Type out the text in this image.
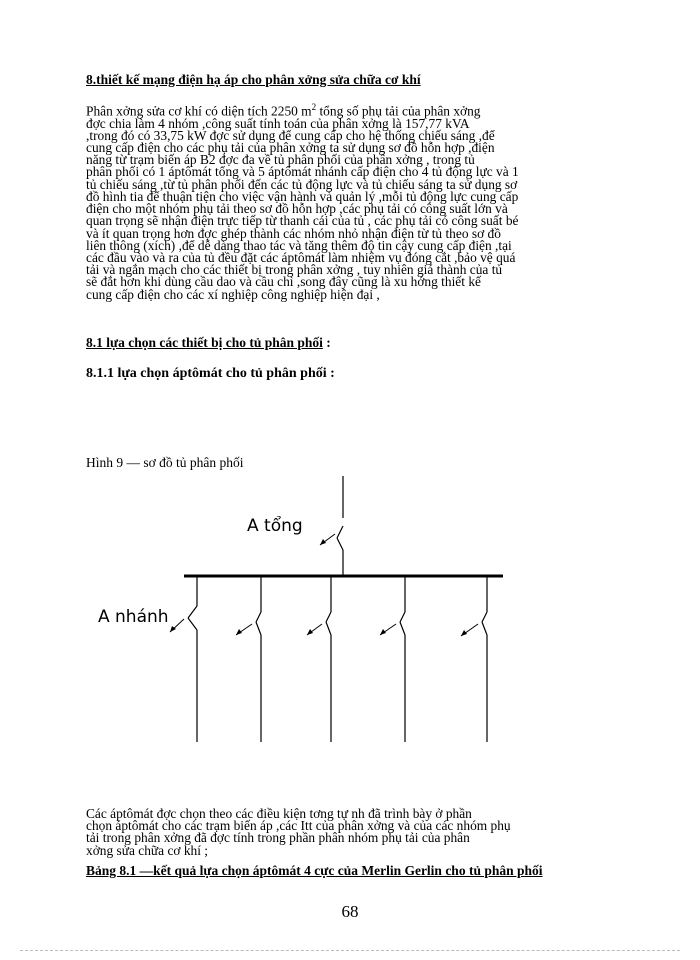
8.thiết kế mạng điện hạ áp cho phân xởng sửa chữa cơ khí
Phân xởng sửa cơ khí có diện tích 2250 $m^2$ tổng số phụ tải của phân xởng
đợc chia làm 4 nhóm ,công suất tính toán của phân xởng là 157,77 kVA
,trong đó có 33,75 kW đợc sử dụng để cung cấp cho hệ thống chiếu sáng ,để
cung cấp điện cho các phụ tải của phân xởng ta sử dụng sơ đồ hỗn hợp ,điện
năng từ trạm biến áp B2 đợc đa về tủ phân phối của phân xởng , trong tủ
phân phối có 1 áptômát tổng và 5 áptômát nhánh cấp điện cho 4 tủ động lực và 1
tủ chiếu sáng ,từ tủ phân phối đến các tủ động lực và tủ chiếu sáng ta sử dụng sơ
đồ hình tia để thuận tiện cho việc vận hành và quản lý ,mỗi tủ động lực cung cấp
điện cho một nhóm phụ tải theo sơ đồ hỗn hợp ,các phụ tải có công suất lớn và
quan trọng sẽ nhận điện trực tiếp từ thanh cái của tủ , các phụ tải có công suất bé
và ít quan trọng hơn đợc ghép thành các nhóm nhỏ nhận điện từ tủ theo sơ đồ
liên thông (xích) ,để dễ dàng thao tác và tăng thêm độ tin cậy cung cấp điện ,tại
các đầu vào và ra của tủ đều đặt các áptômát làm nhiệm vụ đóng cắt ,bảo vệ quá
tải và ngắn mạch cho các thiết bị trong phân xởng , tuy nhiên giá thành của tủ
sẽ đắt hơn khi dùng cầu dao và cầu chì ,song đây cũng là xu hớng thiết kế
cung cấp điện cho các xí nghiệp công nghiệp hiện đại ,
8.1 lựa chọn các thiết bị cho tủ phân phối :
8.1.1 lựa chọn áptômát cho tủ phân phối :
Hình 9 — sơ đồ tủ phân phối
A tổng
A nhánh
Các áptômát đợc chọn theo các điều kiện tơng tự nh đã trình bày ở phần
chọn áptômát cho các trạm biến áp ,các Itt của phân xởng và của các nhóm phụ
tải trong phân xởng đã đợc tính trong phần phân nhóm phụ tải của phân
xởng sửa chữa cơ khí ;
Bảng 8.1 —kết quả lựa chọn áptômát 4 cực của Merlin Gerlin cho tủ phân phối
68
